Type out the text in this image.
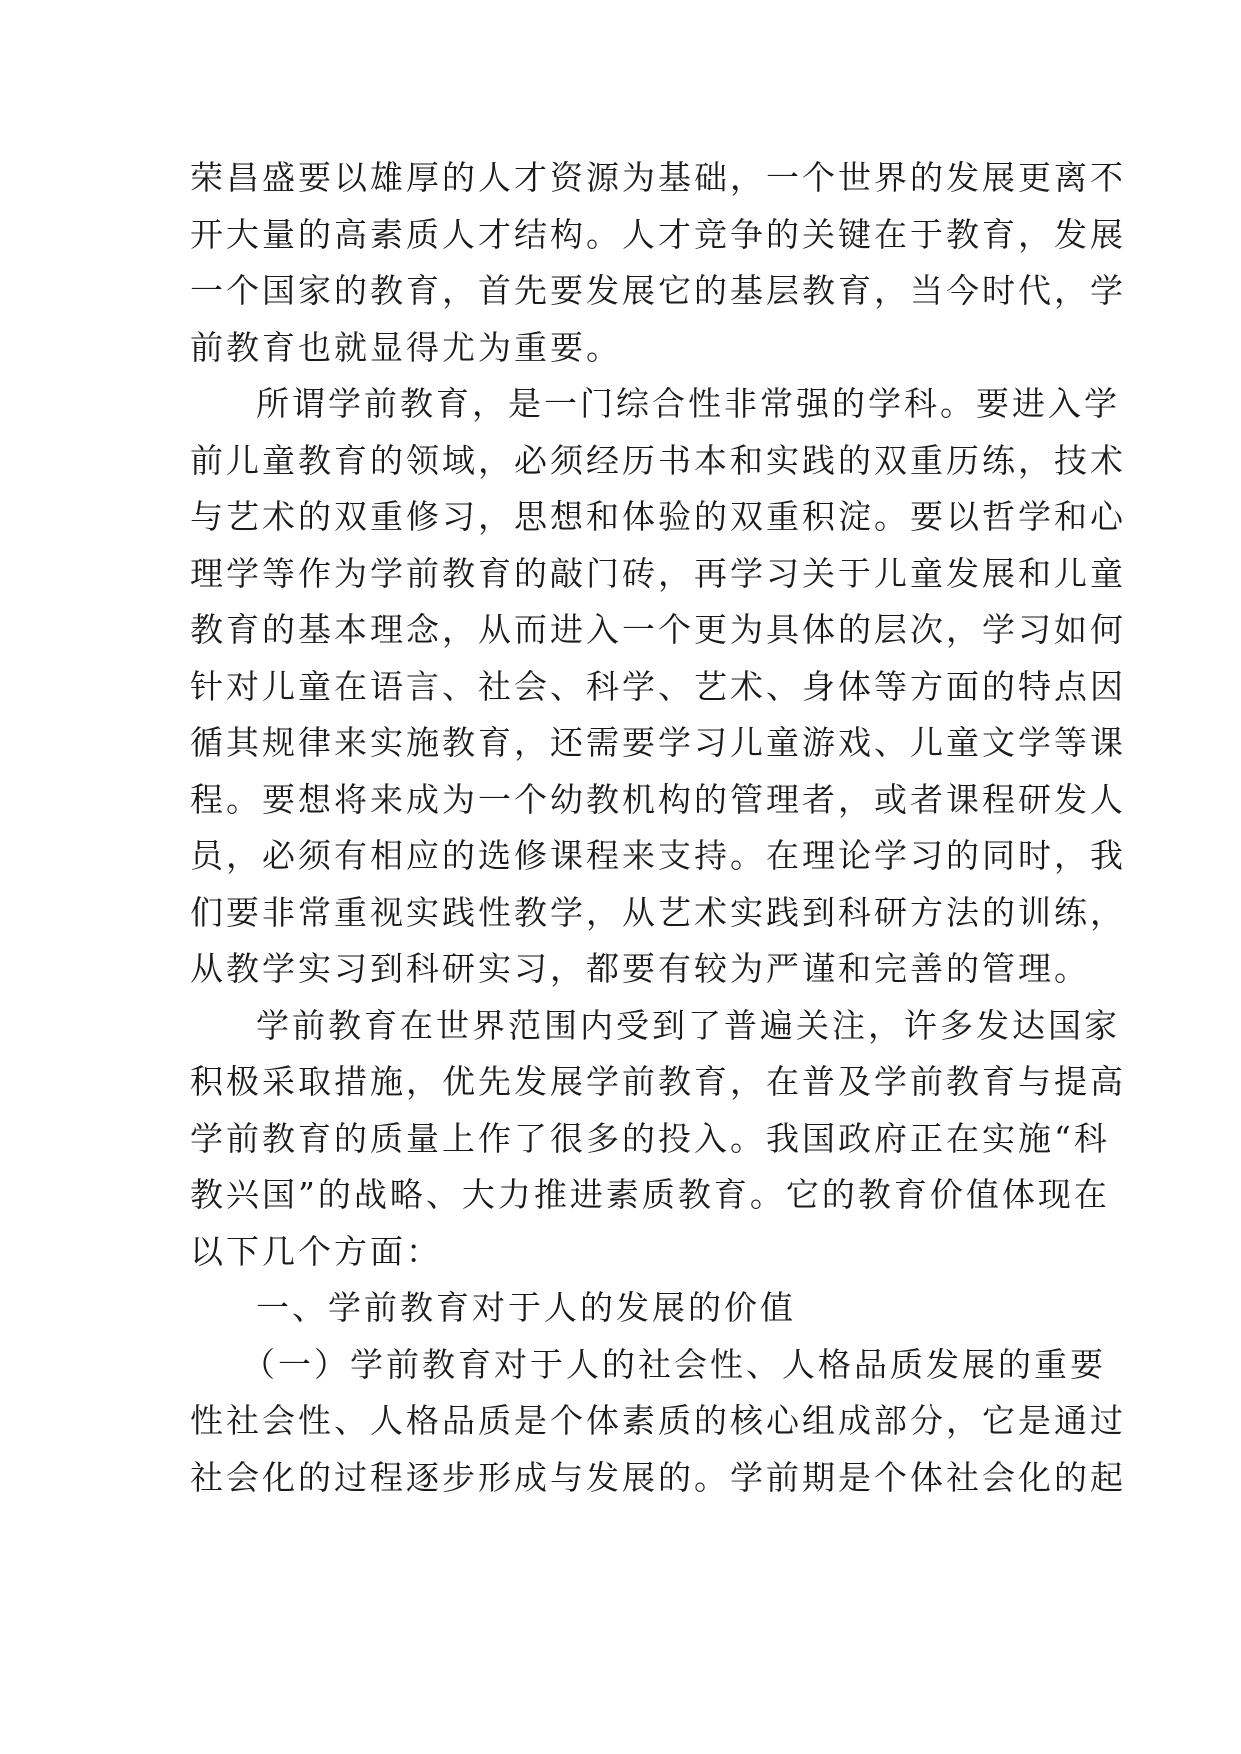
荣昌盛要以雄厚的人才资源为基础，一个世界的发展更离不
开大量的高素质人才结构。人才竞争的关键在于教育，发展
一个国家的教育，首先要发展它的基层教育，当今时代，学
前教育也就显得尤为重要。
所谓学前教育，是一门综合性非常强的学科。要进入学
前儿童教育的领域，必须经历书本和实践的双重历练，技术
与艺术的双重修习，思想和体验的双重积淀。要以哲学和心
理学等作为学前教育的敲门砖，再学习关于儿童发展和儿童
教育的基本理念，从而进入一个更为具体的层次，学习如何
针对儿童在语言、社会、科学、艺术、身体等方面的特点因
循其规律来实施教育，还需要学习儿童游戏、儿童文学等课
程。要想将来成为一个幼教机构的管理者，或者课程研发人
员，必须有相应的选修课程来支持。在理论学习的同时，我
们要非常重视实践性教学，从艺术实践到科研方法的训练，
从教学实习到科研实习，都要有较为严谨和完善的管理。
学前教育在世界范围内受到了普遍关注，许多发达国家
积极采取措施，优先发展学前教育，在普及学前教育与提高
学前教育的质量上作了很多的投入。我国政府正在实施“科
教兴国”的战略、大力推进素质教育。它的教育价值体现在
以下几个方面：
一、学前教育对于人的发展的价值
（一）学前教育对于人的社会性、人格品质发展的重要
性社会性、人格品质是个体素质的核心组成部分，它是通过
社会化的过程逐步形成与发展的。学前期是个体社会化的起
